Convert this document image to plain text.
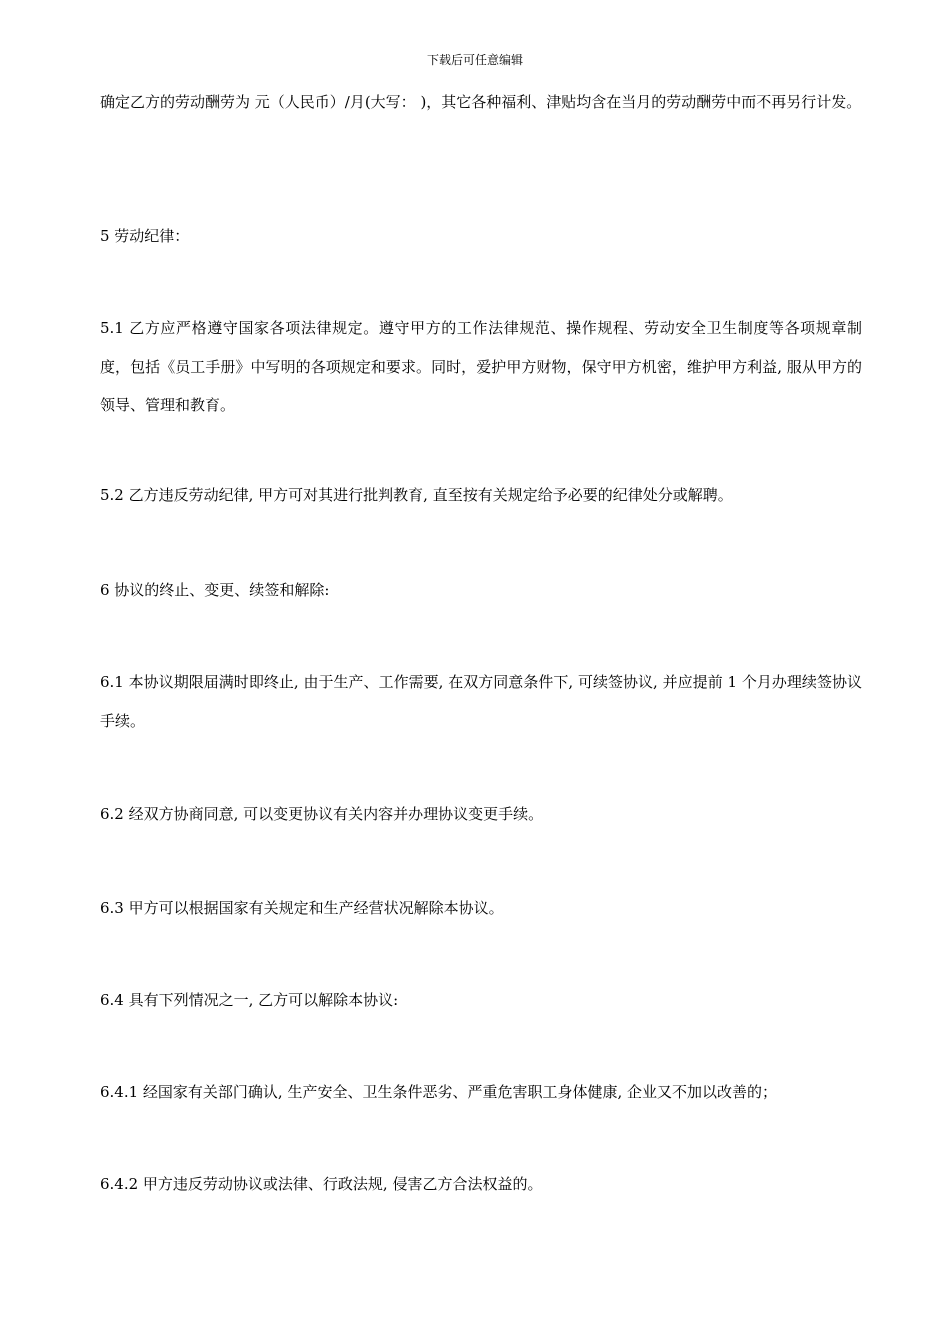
下载后可任意编辑

确定乙方的劳动酬劳为 元（人民币）/月(大写： )，其它各种福利、津贴均含在当月的劳动酬劳中而不再另行计发。

5 劳动纪律：

5.1 乙方应严格遵守国家各项法律规定。遵守甲方的工作法律规范、操作规程、劳动安全卫生制度等各项规章制度，包括《员工手册》中写明的各项规定和要求。同时，爱护甲方财物，保守甲方机密，维护甲方利益, 服从甲方的领导、管理和教育。

5.2 乙方违反劳动纪律, 甲方可对其进行批判教育, 直至按有关规定给予必要的纪律处分或解聘。

6 协议的终止、变更、续签和解除:

6.1 本协议期限届满时即终止, 由于生产、工作需要, 在双方同意条件下, 可续签协议, 并应提前 1 个月办理续签协议手续。

6.2 经双方协商同意, 可以变更协议有关内容并办理协议变更手续。

6.3 甲方可以根据国家有关规定和生产经营状况解除本协议。

6.4 具有下列情况之一, 乙方可以解除本协议:

6.4.1 经国家有关部门确认, 生产安全、卫生条件恶劣、严重危害职工身体健康, 企业又不加以改善的；

6.4.2 甲方违反劳动协议或法律、行政法规, 侵害乙方合法权益的。
